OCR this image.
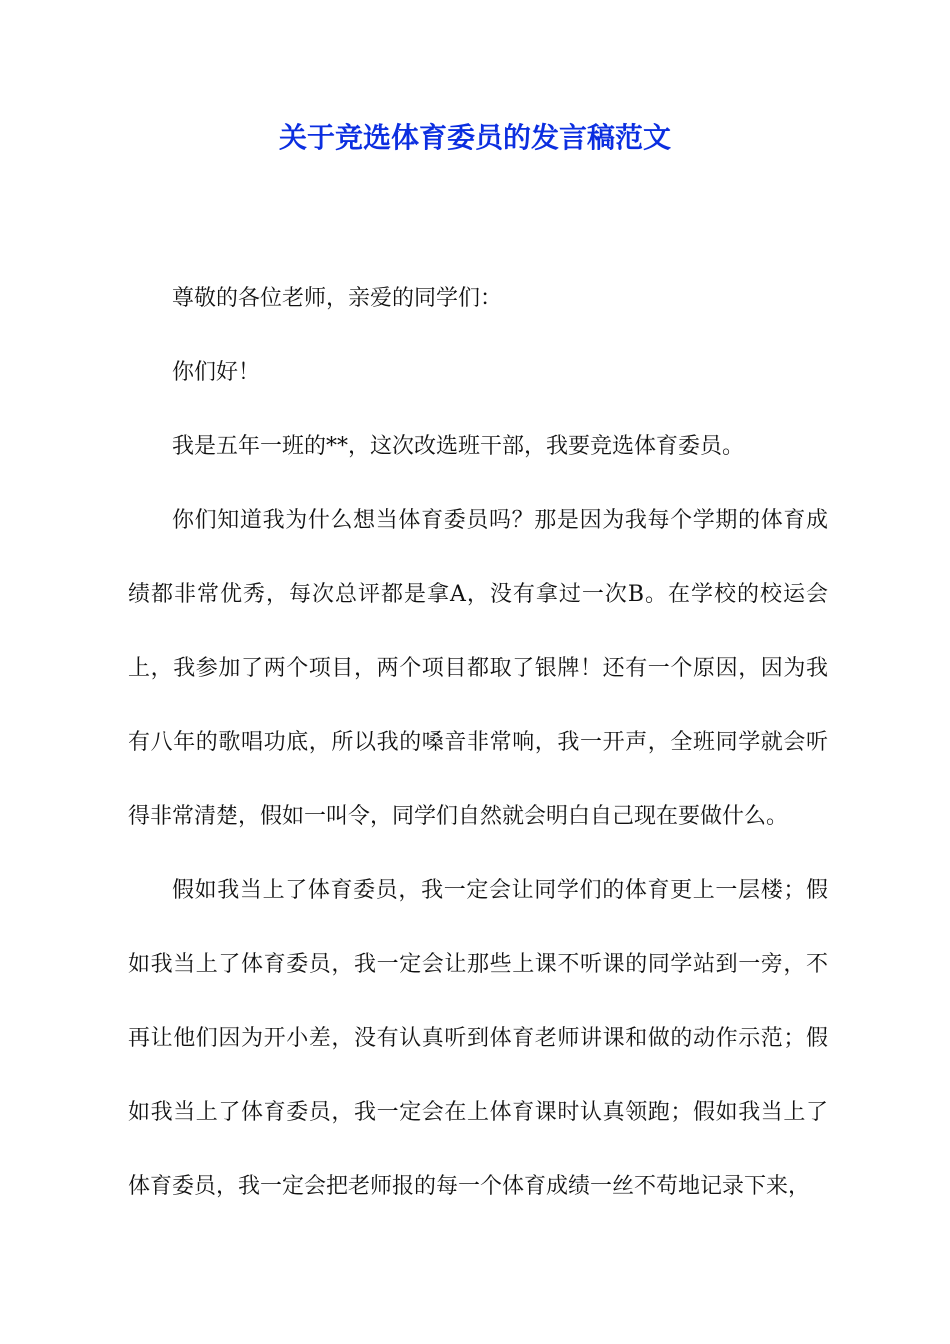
关于竞选体育委员的发言稿范文

尊敬的各位老师，亲爱的同学们：

你们好！

我是五年一班的**，这次改选班干部，我要竞选体育委员。

你们知道我为什么想当体育委员吗？那是因为我每个学期的体育成绩都非常优秀，每次总评都是拿A，没有拿过一次B。在学校的校运会上，我参加了两个项目，两个项目都取了银牌！还有一个原因，因为我有八年的歌唱功底，所以我的嗓音非常响，我一开声，全班同学就会听得非常清楚，假如一叫令，同学们自然就会明白自己现在要做什么。

假如我当上了体育委员，我一定会让同学们的体育更上一层楼；假如我当上了体育委员，我一定会让那些上课不听课的同学站到一旁，不再让他们因为开小差，没有认真听到体育老师讲课和做的动作示范；假如我当上了体育委员，我一定会在上体育课时认真领跑；假如我当上了体育委员，我一定会把老师报的每一个体育成绩一丝不苟地记录下来，
